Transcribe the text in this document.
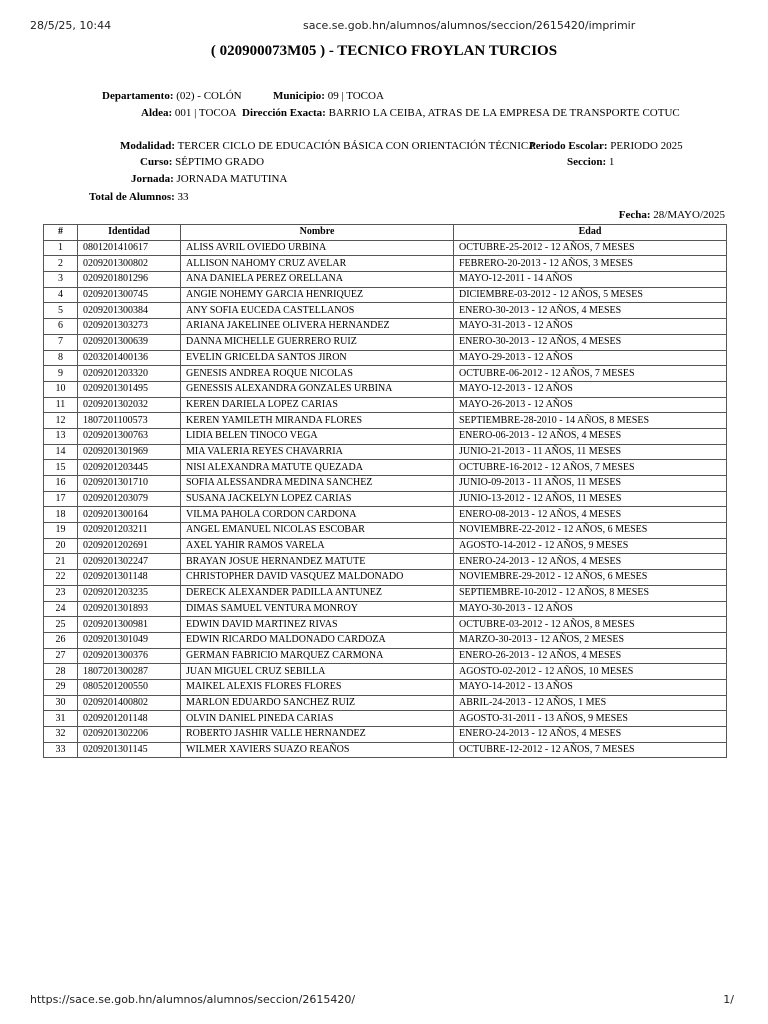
28/5/25, 10:44	sace.se.gob.hn/alumnos/alumnos/seccion/2615420/imprimir
( 020900073M05 ) - TECNICO FROYLAN TURCIOS
Departamento: (02) - COLÓN	Municipio: 09 | TOCOA
Aldea: 001 | TOCOA Dirección Exacta: BARRIO LA CEIBA, ATRAS DE LA EMPRESA DE TRANSPORTE COTUC
Modalidad: TERCER CICLO DE EDUCACIÓN BÁSICA CON ORIENTACIÓN TÉCNICA
Periodo Escolar: PERIODO 2025
Curso: SÉPTIMO GRADO	Seccion: 1
Jornada: JORNADA MATUTINA
Total de Alumnos: 33
Fecha: 28/MAYO/2025
#	Identidad	Nombre	Edad
1	0801201410617	ALISS AVRIL OVIEDO URBINA	OCTUBRE-25-2012 - 12 AÑOS, 7 MESES
2	0209201300802	ALLISON NAHOMY CRUZ AVELAR	FEBRERO-20-2013 - 12 AÑOS, 3 MESES
3	0209201801296	ANA DANIELA PEREZ ORELLANA	MAYO-12-2011 - 14 AÑOS
4	0209201300745	ANGIE NOHEMY GARCIA HENRIQUEZ	DICIEMBRE-03-2012 - 12 AÑOS, 5 MESES
5	0209201300384	ANY SOFIA EUCEDA CASTELLANOS	ENERO-30-2013 - 12 AÑOS, 4 MESES
6	0209201303273	ARIANA JAKELINEE OLIVERA HERNANDEZ	MAYO-31-2013 - 12 AÑOS
7	0209201300639	DANNA MICHELLE GUERRERO RUIZ	ENERO-30-2013 - 12 AÑOS, 4 MESES
8	0203201400136	EVELIN GRICELDA SANTOS JIRON	MAYO-29-2013 - 12 AÑOS
9	0209201203320	GENESIS ANDREA ROQUE NICOLAS	OCTUBRE-06-2012 - 12 AÑOS, 7 MESES
10	0209201301495	GENESSIS ALEXANDRA GONZALES URBINA	MAYO-12-2013 - 12 AÑOS
11	0209201302032	KEREN DARIELA LOPEZ CARIAS	MAYO-26-2013 - 12 AÑOS
12	1807201100573	KEREN YAMILETH MIRANDA FLORES	SEPTIEMBRE-28-2010 - 14 AÑOS, 8 MESES
13	0209201300763	LIDIA BELEN TINOCO VEGA	ENERO-06-2013 - 12 AÑOS, 4 MESES
14	0209201301969	MIA VALERIA REYES CHAVARRIA	JUNIO-21-2013 - 11 AÑOS, 11 MESES
15	0209201203445	NISI ALEXANDRA MATUTE QUEZADA	OCTUBRE-16-2012 - 12 AÑOS, 7 MESES
16	0209201301710	SOFIA ALESSANDRA MEDINA SANCHEZ	JUNIO-09-2013 - 11 AÑOS, 11 MESES
17	0209201203079	SUSANA JACKELYN LOPEZ CARIAS	JUNIO-13-2012 - 12 AÑOS, 11 MESES
18	0209201300164	VILMA PAHOLA CORDON CARDONA	ENERO-08-2013 - 12 AÑOS, 4 MESES
19	0209201203211	ANGEL EMANUEL NICOLAS ESCOBAR	NOVIEMBRE-22-2012 - 12 AÑOS, 6 MESES
20	0209201202691	AXEL YAHIR RAMOS VARELA	AGOSTO-14-2012 - 12 AÑOS, 9 MESES
21	0209201302247	BRAYAN JOSUE HERNANDEZ MATUTE	ENERO-24-2013 - 12 AÑOS, 4 MESES
22	0209201301148	CHRISTOPHER DAVID VASQUEZ MALDONADO	NOVIEMBRE-29-2012 - 12 AÑOS, 6 MESES
23	0209201203235	DERECK ALEXANDER PADILLA ANTUNEZ	SEPTIEMBRE-10-2012 - 12 AÑOS, 8 MESES
24	0209201301893	DIMAS SAMUEL VENTURA MONROY	MAYO-30-2013 - 12 AÑOS
25	0209201300981	EDWIN DAVID MARTINEZ RIVAS	OCTUBRE-03-2012 - 12 AÑOS, 8 MESES
26	0209201301049	EDWIN RICARDO MALDONADO CARDOZA	MARZO-30-2013 - 12 AÑOS, 2 MESES
27	0209201300376	GERMAN FABRICIO MARQUEZ CARMONA	ENERO-26-2013 - 12 AÑOS, 4 MESES
28	1807201300287	JUAN MIGUEL CRUZ SEBILLA	AGOSTO-02-2012 - 12 AÑOS, 10 MESES
29	0805201200550	MAIKEL ALEXIS FLORES FLORES	MAYO-14-2012 - 13 AÑOS
30	0209201400802	MARLON EDUARDO SANCHEZ RUIZ	ABRIL-24-2013 - 12 AÑOS, 1 MES
31	0209201201148	OLVIN DANIEL PINEDA CARIAS	AGOSTO-31-2011 - 13 AÑOS, 9 MESES
32	0209201302206	ROBERTO JASHIR VALLE HERNANDEZ	ENERO-24-2013 - 12 AÑOS, 4 MESES
33	0209201301145	WILMER XAVIERS SUAZO REAÑOS	OCTUBRE-12-2012 - 12 AÑOS, 7 MESES
https://sace.se.gob.hn/alumnos/alumnos/seccion/2615420/	1/
